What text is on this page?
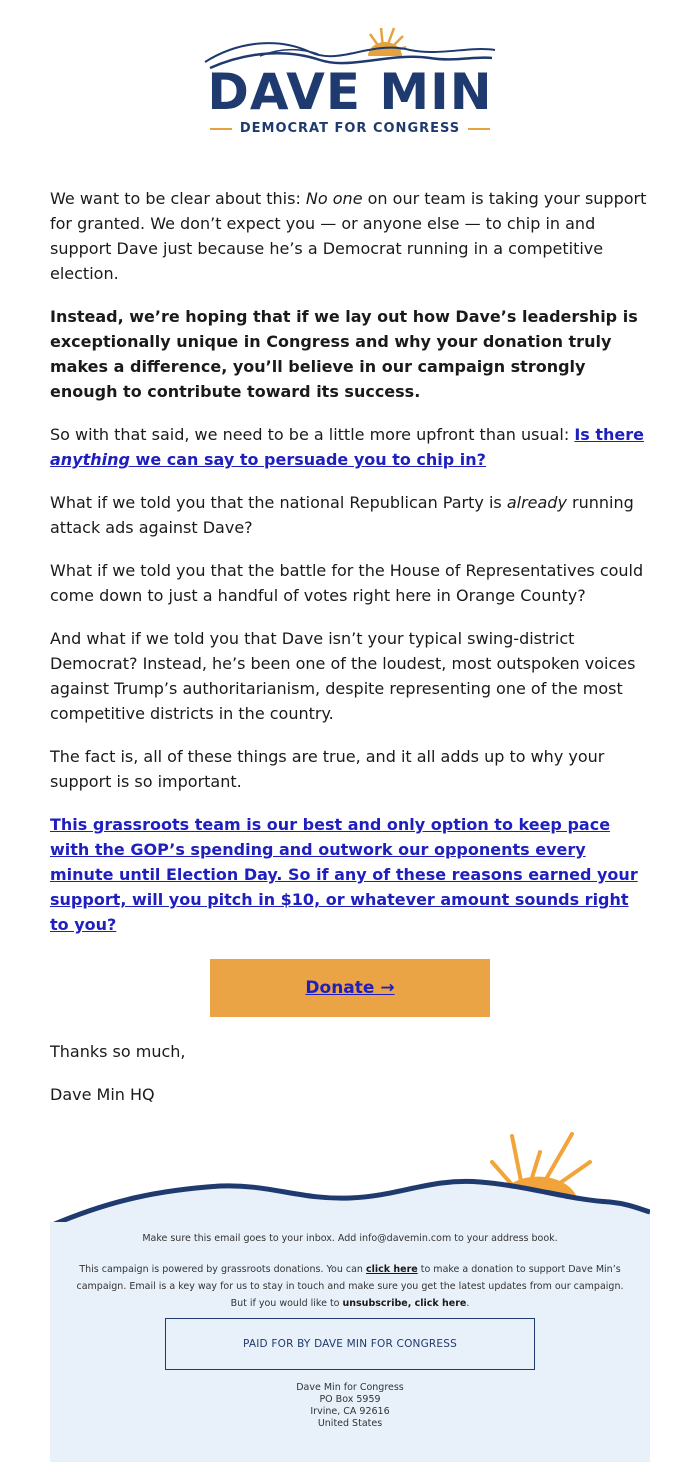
DAVE MIN
DEMOCRAT FOR CONGRESS

We want to be clear about this: No one on our team is taking your support for granted. We don’t expect you — or anyone else — to chip in and support Dave just because he’s a Democrat running in a competitive election.

Instead, we’re hoping that if we lay out how Dave’s leadership is exceptionally unique in Congress and why your donation truly makes a difference, you’ll believe in our campaign strongly enough to contribute toward its success.

So with that said, we need to be a little more upfront than usual: Is there anything we can say to persuade you to chip in?

What if we told you that the national Republican Party is already running attack ads against Dave?

What if we told you that the battle for the House of Representatives could come down to just a handful of votes right here in Orange County?

And what if we told you that Dave isn’t your typical swing-district Democrat? Instead, he’s been one of the loudest, most outspoken voices against Trump’s authoritarianism, despite representing one of the most competitive districts in the country.

The fact is, all of these things are true, and it all adds up to why your support is so important.

This grassroots team is our best and only option to keep pace with the GOP’s spending and outwork our opponents every minute until Election Day. So if any of these reasons earned your support, will you pitch in $10, or whatever amount sounds right to you?

Donate →

Thanks so much,

Dave Min HQ

Make sure this email goes to your inbox. Add info@davemin.com to your address book.

This campaign is powered by grassroots donations. You can click here to make a donation to support Dave Min’s campaign. Email is a key way for us to stay in touch and make sure you get the latest updates from our campaign. But if you would like to unsubscribe, click here.

PAID FOR BY DAVE MIN FOR CONGRESS
Dave Min for Congress
PO Box 5959
Irvine, CA 92616
United States
